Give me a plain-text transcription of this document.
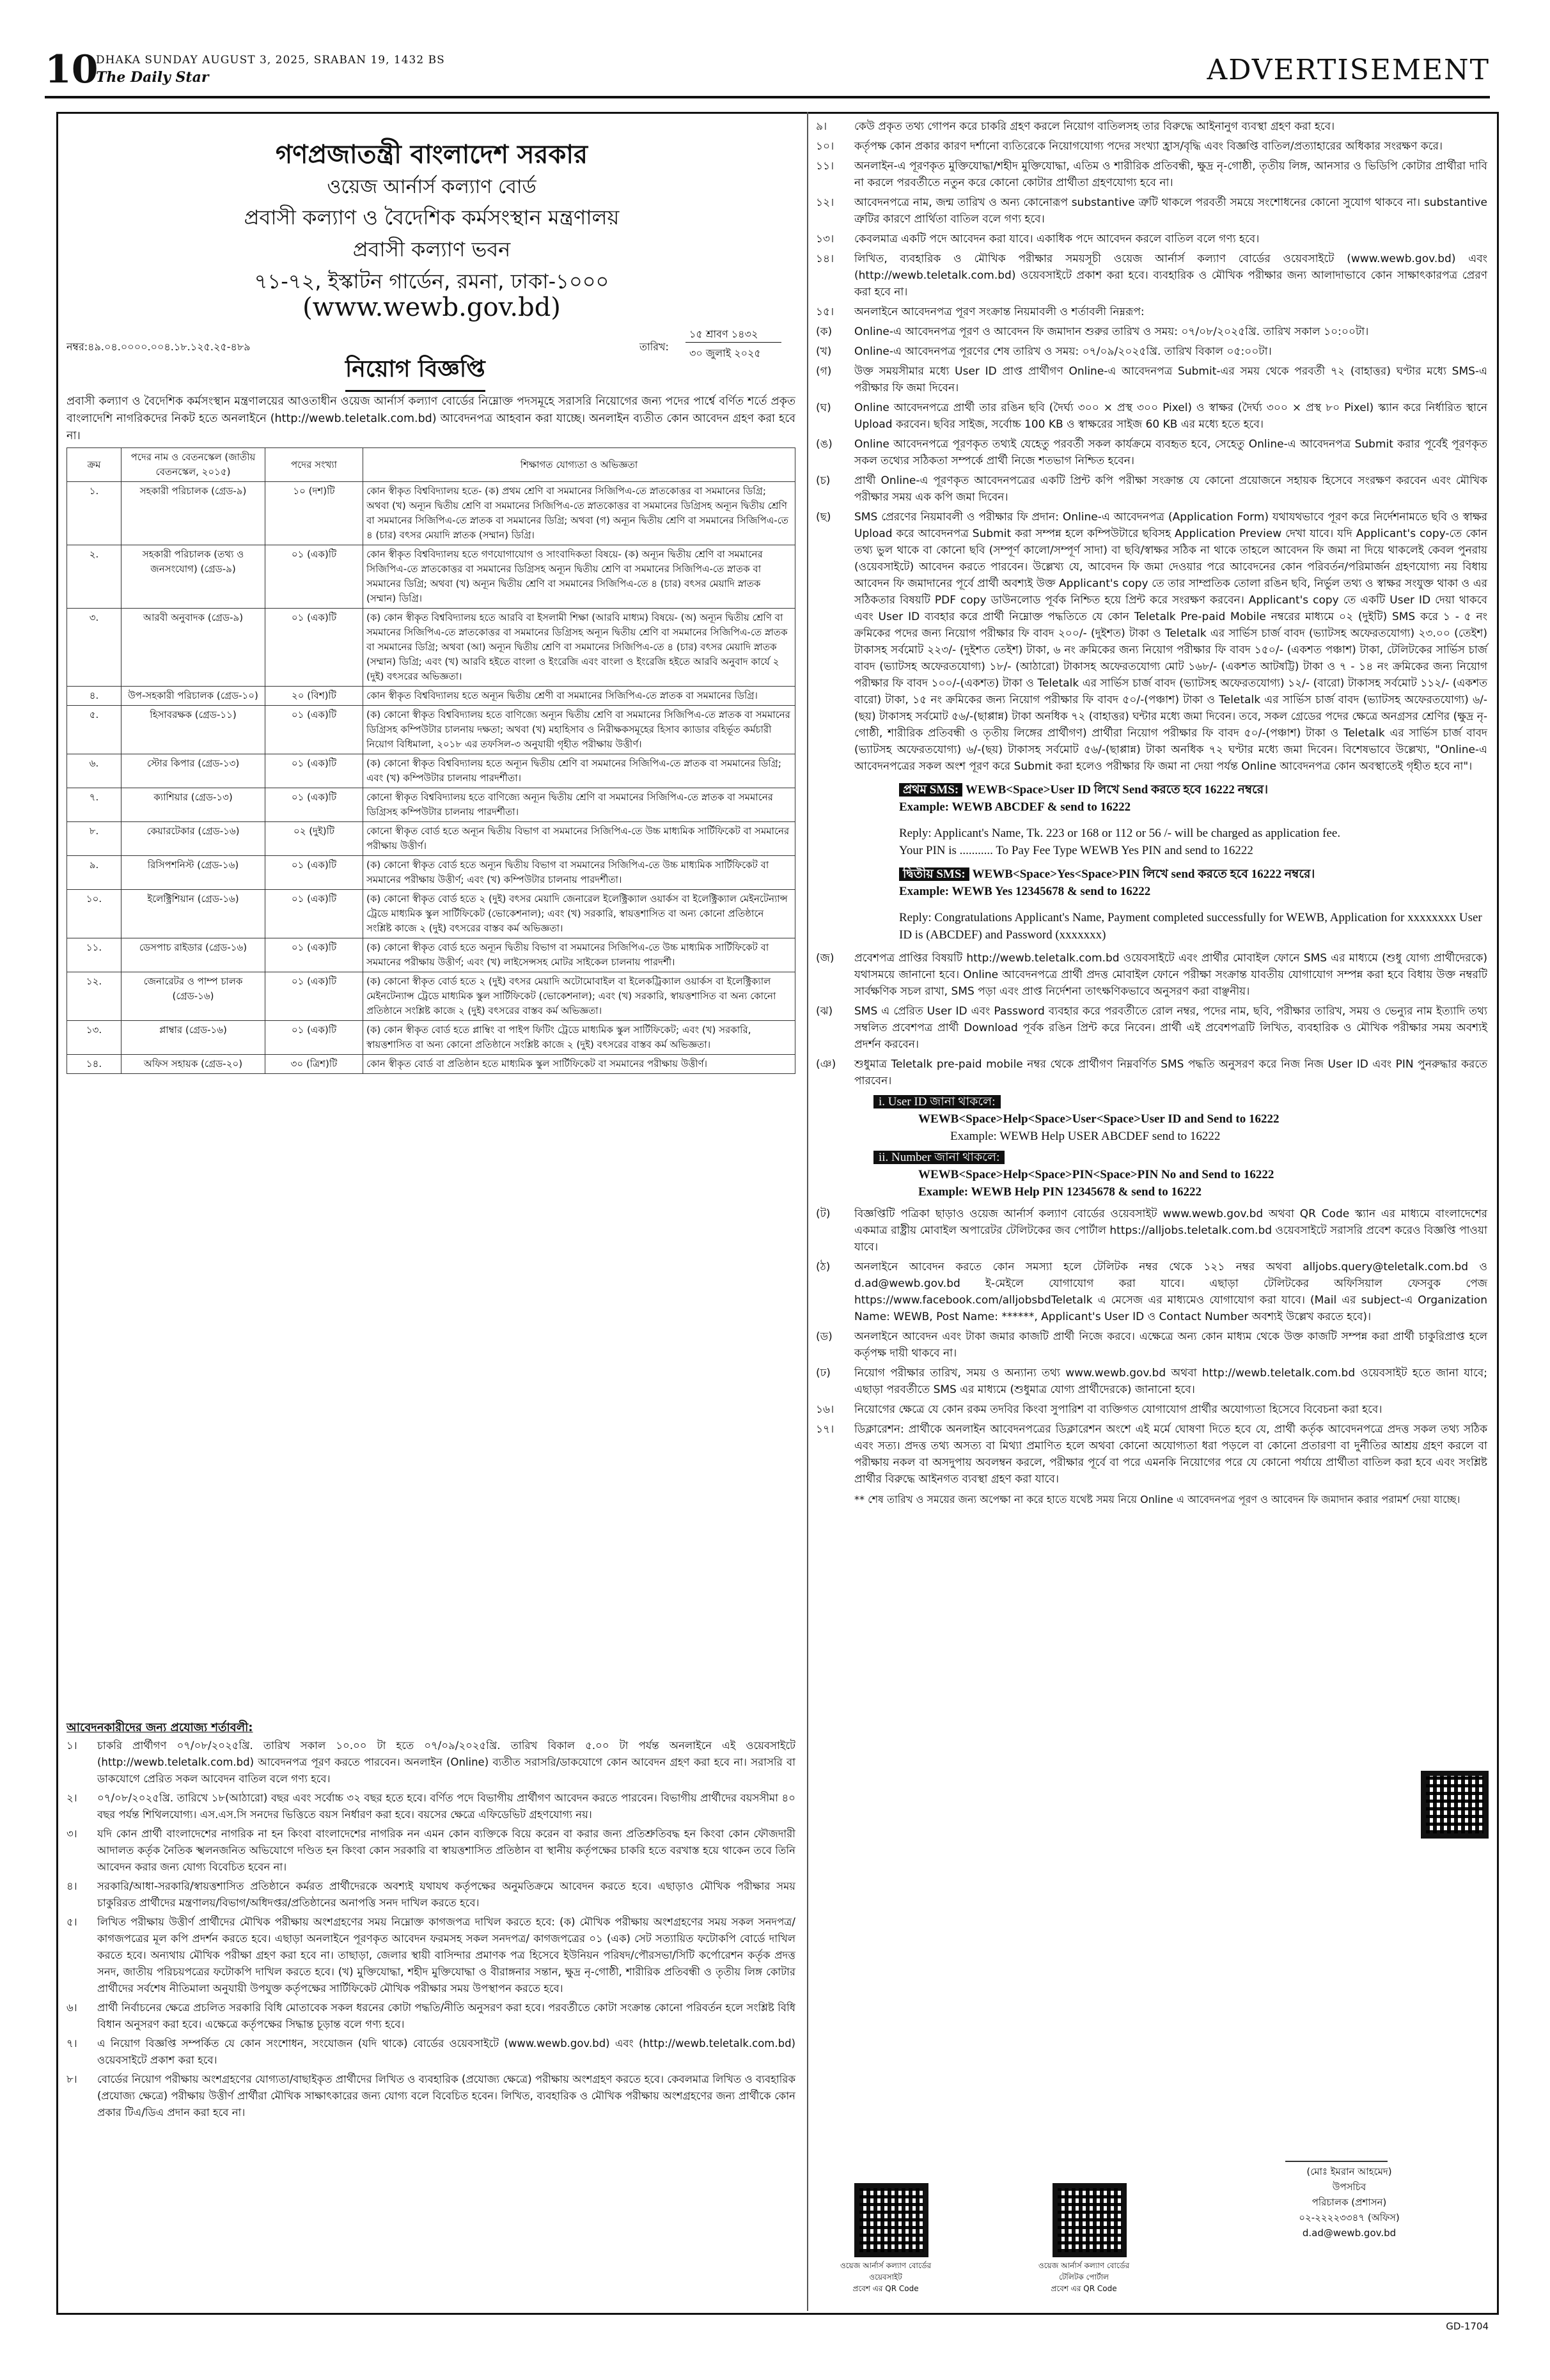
10
DHAKA SUNDAY AUGUST 3, 2025, SRABAN 19, 1432 BS
The Daily Star	ADVERTISEMENT
গণপ্রজাতন্ত্রী বাংলাদেশ সরকার
ওয়েজ আর্নার্স কল্যাণ বোর্ড
প্রবাসী কল্যাণ ও বৈদেশিক কর্মসংস্থান মন্ত্রণালয়
প্রবাসী কল্যাণ ভবন
৭১-৭২, ইস্কাটন গার্ডেন, রমনা, ঢাকা-১০০০
(www.wewb.gov.bd)
নম্বর:৪৯.০৪.০০০০.০০৪.১৮.১২৫.২৫-৪৮৯	তারিখ:
১৫ শ্রাবণ ১৪৩২
৩০ জুলাই ২০২৫
নিয়োগ বিজ্ঞপ্তি
প্রবাসী কল্যাণ ও বৈদেশিক কর্মসংস্থান মন্ত্রণালয়ের আওতাধীন ওয়েজ আর্নার্স কল্যাণ বোর্ডের নিম্নোক্ত পদসমূহে সরাসরি নিয়োগের জন্য পদের পার্শ্বে বর্ণিত শর্তে প্রকৃত বাংলাদেশি নাগরিকদের নিকট হতে অনলাইনে (http://wewb.teletalk.com.bd) আবেদনপত্র আহবান করা যাচ্ছে। অনলাইন ব্যতীত কোন আবেদন গ্রহণ করা হবে না।
ক্রম	পদের নাম ও বেতনস্কেল (জাতীয় বেতনস্কেল, ২০১৫)	পদের সংখ্যা	শিক্ষাগত যোগ্যতা ও অভিজ্ঞতা
১.	সহকারী পরিচালক (গ্রেড-৯)	১০ (দশ)টি	কোন স্বীকৃত বিশ্ববিদ্যালয় হতে- (ক) প্রথম শ্রেণি বা সমমানের সিজিপিএ-তে স্নাতকোত্তর বা সমমানের ডিগ্রি; অথবা (খ) অন্যূন দ্বিতীয় শ্রেণি বা সমমানের সিজিপিএ-তে স্নাতকোত্তর বা সমমানের ডিগ্রিসহ অন্যূন দ্বিতীয় শ্রেণি বা সমমানের সিজিপিএ-তে স্নাতক বা সমমানের ডিগ্রি; অথবা (গ) অন্যূন দ্বিতীয় শ্রেণি বা সমমানের সিজিপিএ-তে ৪ (চার) বৎসর মেয়াদি স্নাতক (সম্মান) ডিগ্রি।
২.	সহকারী পরিচালক (তথ্য ও জনসংযোগ) (গ্রেড-৯)	০১ (এক)টি	কোন স্বীকৃত বিশ্ববিদ্যালয় হতে গণযোগাযোগ ও সাংবাদিকতা বিষয়ে- (ক) অন্যূন দ্বিতীয় শ্রেণি বা সমমানের সিজিপিএ-তে স্নাতকোত্তর বা সমমানের ডিগ্রিসহ অন্যূন দ্বিতীয় শ্রেণি বা সমমানের সিজিপিএ-তে স্নাতক বা সমমানের ডিগ্রি; অথবা (খ) অন্যূন দ্বিতীয় শ্রেণি বা সমমানের সিজিপিএ-তে ৪ (চার) বৎসর মেয়াদি স্নাতক (সম্মান) ডিগ্রি।
৩.	আরবী অনুবাদক (গ্রেড-৯)	০১ (এক)টি	(ক) কোন স্বীকৃত বিশ্ববিদ্যালয় হতে আরবি বা ইসলামী শিক্ষা (আরবি মাধ্যম) বিষয়ে- (অ) অন্যূন দ্বিতীয় শ্রেণি বা সমমানের সিজিপিএ-তে স্নাতকোত্তর বা সমমানের ডিগ্রিসহ অন্যূন দ্বিতীয় শ্রেণি বা সমমানের সিজিপিএ-তে স্নাতক বা সমমানের ডিগ্রি; অথবা (আ) অন্যূন দ্বিতীয় শ্রেণি বা সমমানের সিজিপিএ-তে ৪ (চার) বৎসর মেয়াদি স্নাতক (সম্মান) ডিগ্রি; এবং (খ) আরবি হইতে বাংলা ও ইংরেজি এবং বাংলা ও ইংরেজি হইতে আরবি অনুবাদ কার্যে ২ (দুই) বৎসরের অভিজ্ঞতা।
৪.	উপ-সহকারী পরিচালক (গ্রেড-১০)	২০ (বিশ)টি	কোন স্বীকৃত বিশ্ববিদ্যালয় হতে অন্যূন দ্বিতীয় শ্রেণী বা সমমানের সিজিপিএ-তে স্নাতক বা সমমানের ডিগ্রি।
৫.	হিসাবরক্ষক (গ্রেড-১১)	০১ (এক)টি	(ক) কোনো স্বীকৃত বিশ্ববিদ্যালয় হতে বাণিজ্যে অন্যূন দ্বিতীয় শ্রেণি বা সমমানের সিজিপিএ-তে স্নাতক বা সমমানের ডিগ্রিসহ কম্পিউটার চালনায় দক্ষতা; অথবা (খ) মহাহিসাব ও নিরীক্ষকসমূহের হিসাব ক্যাডার বহির্ভূত কর্মচারী নিয়োগ বিধিমালা, ২০১৮ এর তফসিল-৩ অনুযায়ী গৃহীত পরীক্ষায় উত্তীর্ণ।
৬.	স্টোর কিপার (গ্রেড-১৩)	০১ (এক)টি	(ক) কোনো স্বীকৃত বিশ্ববিদ্যালয় হতে অন্যূন দ্বিতীয় শ্রেণি বা সমমানের সিজিপিএ-তে স্নাতক বা সমমানের ডিগ্রি; এবং (খ) কম্পিউটার চালনায় পারদর্শীতা।
৭.	ক্যাশিয়ার (গ্রেড-১৩)	০১ (এক)টি	কোনো স্বীকৃত বিশ্ববিদ্যালয় হতে বাণিজ্যে অন্যূন দ্বিতীয় শ্রেণি বা সমমানের সিজিপিএ-তে স্নাতক বা সমমানের ডিগ্রিসহ কম্পিউটার চালনায় পারদর্শীতা।
৮.	কেয়ারটেকার (গ্রেড-১৬)	০২ (দুই)টি	কোনো স্বীকৃত বোর্ড হতে অন্যূন দ্বিতীয় বিভাগ বা সমমানের সিজিপিএ-তে উচ্চ মাধ্যমিক সার্টিফিকেট বা সমমানের পরীক্ষায় উত্তীর্ণ।
৯.	রিসিপশনিস্ট (গ্রেড-১৬)	০১ (এক)টি	(ক) কোনো স্বীকৃত বোর্ড হতে অন্যূন দ্বিতীয় বিভাগ বা সমমানের সিজিপিএ-তে উচ্চ মাধ্যমিক সার্টিফিকেট বা সমমানের পরীক্ষায় উত্তীর্ণ; এবং (খ) কম্পিউটার চালনায় পারদর্শীতা।
১০.	ইলেক্ট্রিশিয়ান (গ্রেড-১৬)	০১ (এক)টি	(ক) কোনো স্বীকৃত বোর্ড হতে ২ (দুই) বৎসর মেয়াদি জেনারেল ইলেক্ট্রিক্যাল ওয়ার্কস বা ইলেক্ট্রিক্যাল মেইনটেন্যান্স ট্রেডে মাধ্যমিক স্কুল সার্টিফিকেট (ভোকেশনাল); এবং (খ) সরকারি, স্বায়ত্তশাসিত বা অন্য কোনো প্রতিষ্ঠানে সংশ্লিষ্ট কাজে ২ (দুই) বৎসরের বাস্তব কর্ম অভিজ্ঞতা।
১১.	ডেসপাচ রাইডার (গ্রেড-১৬)	০১ (এক)টি	(ক) কোনো স্বীকৃত বোর্ড হতে অন্যূন দ্বিতীয় বিভাগ বা সমমানের সিজিপিএ-তে উচ্চ মাধ্যমিক সার্টিফিকেট বা সমমানের পরীক্ষায় উত্তীর্ণ; এবং (খ) লাইসেন্সসহ মোটর সাইকেল চালনায় পারদর্শী।
১২.	জেনারেটর ও পাম্প চালক (গ্রেড-১৬)	০১ (এক)টি	(ক) কোনো স্বীকৃত বোর্ড হতে ২ (দুই) বৎসর মেয়াদি অটোমোবাইল বা ইলেকট্রিক্যাল ওয়ার্কস বা ইলেক্ট্রিক্যাল মেইনটেন্যান্স ট্রেডে মাধ্যমিক স্কুল সার্টিফিকেট (ভোকেশনাল); এবং (খ) সরকারি, স্বায়ত্তশাসিত বা অন্য কোনো প্রতিষ্ঠানে সংশ্লিষ্ট কাজে ২ (দুই) বৎসরের বাস্তব কর্ম অভিজ্ঞতা।
১৩.	প্লাম্বার (গ্রেড-১৬)	০১ (এক)টি	(ক) কোন স্বীকৃত বোর্ড হতে প্লাম্বিং বা পাইপ ফিটিং ট্রেডে মাধ্যমিক স্কুল সার্টিফিকেট; এবং (খ) সরকারি, স্বায়ত্তশাসিত বা অন্য কোনো প্রতিষ্ঠানে সংশ্লিষ্ট কাজে ২ (দুই) বৎসরের বাস্তব কর্ম অভিজ্ঞতা।
১৪.	অফিস সহায়ক (গ্রেড-২০)	৩০ (ত্রিশ)টি	কোন স্বীকৃত বোর্ড বা প্রতিষ্ঠান হতে মাধ্যমিক স্কুল সার্টিফিকেট বা সমমানের পরীক্ষায় উত্তীর্ণ।
আবেদনকারীদের জন্য প্রযোজ্য শর্তাবলী:
১।	চাকরি প্রার্থীগণ ০৭/০৮/২০২৫খ্রি. তারিখ সকাল ১০.০০ টা হতে ০৭/০৯/২০২৫খ্রি. তারিখ বিকাল ৫.০০ টা পর্যন্ত অনলাইনে এই ওয়েবসাইটে (http://wewb.teletalk.com.bd) আবেদনপত্র পূরণ করতে পারবেন। অনলাইন (Online) ব্যতীত সরাসরি/ডাকযোগে কোন আবেদন গ্রহণ করা হবে না। সরাসরি বা ডাকযোগে প্রেরিত সকল আবেদন বাতিল বলে গণ্য হবে।
২।	০৭/০৮/২০২৫খ্রি. তারিখে ১৮(আঠারো) বছর এবং সর্বোচ্চ ৩২ বছর হতে হবে। বর্ণিত পদে বিভাগীয় প্রার্থীগণ আবেদন করতে পারবেন। বিভাগীয় প্রার্থীদের বয়সসীমা ৪০ বছর পর্যন্ত শিথিলযোগ্য। এস.এস.সি সনদের ভিত্তিতে বয়স নির্ধারণ করা হবে। বয়সের ক্ষেত্রে এফিডেভিট গ্রহণযোগ্য নয়।
৩।	যদি কোন প্রার্থী বাংলাদেশের নাগরিক না হন কিংবা বাংলাদেশের নাগরিক নন এমন কোন ব্যক্তিকে বিয়ে করেন বা করার জন্য প্রতিশ্রুতিবদ্ধ হন কিংবা কোন ফৌজদারী আদালত কর্তৃক নৈতিক স্খলনজনিত অভিযোগে দণ্ডিত হন কিংবা কোন সরকারি বা স্বায়ত্তশাসিত প্রতিষ্ঠান বা স্থানীয় কর্তৃপক্ষের চাকরি হতে বরখাস্ত হয়ে থাকেন তবে তিনি আবেদন করার জন্য যোগ্য বিবেচিত হবেন না।
৪।	সরকারি/আধা-সরকারি/স্বায়ত্তশাসিত প্রতিষ্ঠানে কর্মরত প্রার্থীদেরকে অবশ্যই যথাযথ কর্তৃপক্ষের অনুমতিক্রমে আবেদন করতে হবে। এছাড়াও মৌখিক পরীক্ষার সময় চাকুরিরত প্রার্থীদের মন্ত্রণালয়/বিভাগ/অধিদপ্তর/প্রতিষ্ঠানের অনাপত্তি সনদ দাখিল করতে হবে।
৫।	লিখিত পরীক্ষায় উত্তীর্ণ প্রার্থীদের মৌখিক পরীক্ষায় অংশগ্রহণের সময় নিম্নোক্ত কাগজপত্র দাখিল করতে হবে: (ক) মৌখিক পরীক্ষায় অংশগ্রহণের সময় সকল সনদপত্র/কাগজপত্রের মূল কপি প্রদর্শন করতে হবে। এছাড়া অনলাইনে পূরণকৃত আবেদন ফরমসহ সকল সনদপত্র/ কাগজপত্রের ০১ (এক) সেট সত্যায়িত ফটোকপি বোর্ডে দাখিল করতে হবে। অন্যথায় মৌখিক পরীক্ষা গ্রহণ করা হবে না। তাছাড়া, জেলার স্থায়ী বাসিন্দার প্রমাণক পত্র হিসেবে ইউনিয়ন পরিষদ/পৌরসভা/সিটি কর্পোরেশন কর্তৃক প্রদত্ত সনদ, জাতীয় পরিচয়পত্রের ফটোকপি দাখিল করতে হবে। (খ) মুক্তিযোদ্ধা, শহীদ মুক্তিযোদ্ধা ও বীরাঙ্গনার সন্তান, ক্ষুদ্র নৃ-গোষ্ঠী, শারীরিক প্রতিবন্ধী ও তৃতীয় লিঙ্গ কোটার প্রার্থীদের সর্বশেষ নীতিমালা অনুযায়ী উপযুক্ত কর্তৃপক্ষের সার্টিফিকেট মৌখিক পরীক্ষার সময় উপস্থাপন করতে হবে।
৬।	প্রার্থী নির্বাচনের ক্ষেত্রে প্রচলিত সরকারি বিধি মোতাবেক সকল ধরনের কোটা পদ্ধতি/নীতি অনুসরণ করা হবে। পরবর্তীতে কোটা সংক্রান্ত কোনো পরিবর্তন হলে সংশ্লিষ্ট বিধি বিধান অনুসরণ করা হবে। এক্ষেত্রে কর্তৃপক্ষের সিদ্ধান্ত চূড়ান্ত বলে গণ্য হবে।
৭।	এ নিয়োগ বিজ্ঞপ্তি সম্পর্কিত যে কোন সংশোধন, সংযোজন (যদি থাকে) বোর্ডের ওয়েবসাইটে (www.wewb.gov.bd) এবং (http://wewb.teletalk.com.bd) ওয়েবসাইটে প্রকাশ করা হবে।
৮।	বোর্ডের নিয়োগ পরীক্ষায় অংশগ্রহণের যোগ্যতা/বাছাইকৃত প্রার্থীদের লিখিত ও ব্যবহারিক (প্রযোজ্য ক্ষেত্রে) পরীক্ষায় অংশগ্রহণ করতে হবে। কেবলমাত্র লিখিত ও ব্যবহারিক (প্রযোজ্য ক্ষেত্রে) পরীক্ষায় উত্তীর্ণ প্রার্থীরা মৌখিক সাক্ষাৎকারের জন্য যোগ্য বলে বিবেচিত হবেন। লিখিত, ব্যবহারিক ও মৌখিক পরীক্ষায় অংশগ্রহণের জন্য প্রার্থীকে কোন প্রকার টিএ/ডিএ প্রদান করা হবে না।
৯।	কেউ প্রকৃত তথ্য গোপন করে চাকরি গ্রহণ করলে নিয়োগ বাতিলসহ তার বিরুদ্ধে আইনানুগ ব্যবস্থা গ্রহণ করা হবে।
১০।	কর্তৃপক্ষ কোন প্রকার কারণ দর্শানো ব্যতিরেকে নিয়োগযোগ্য পদের সংখ্যা হ্রাস/বৃদ্ধি এবং বিজ্ঞপ্তি বাতিল/প্রত্যাহারের অধিকার সংরক্ষণ করে।
১১।	অনলাইন-এ পূরণকৃত মুক্তিযোদ্ধা/শহীদ মুক্তিযোদ্ধা, এতিম ও শারীরিক প্রতিবন্ধী, ক্ষুদ্র নৃ-গোষ্ঠী, তৃতীয় লিঙ্গ, আনসার ও ভিডিপি কোটার প্রার্থীরা দাবি না করলে পরবর্তীতে নতুন করে কোনো কোটার প্রার্থীতা গ্রহণযোগ্য হবে না।
১২।	আবেদনপত্রে নাম, জন্ম তারিখ ও অন্য কোনোরূপ substantive ত্রুটি থাকলে পরবর্তী সময়ে সংশোধনের কোনো সুযোগ থাকবে না। substantive ত্রুটির কারণে প্রার্থিতা বাতিল বলে গণ্য হবে।
১৩।	কেবলমাত্র একটি পদে আবেদন করা যাবে। একাধিক পদে আবেদন করলে বাতিল বলে গণ্য হবে।
১৪।	লিখিত, ব্যবহারিক ও মৌখিক পরীক্ষার সময়সূচী ওয়েজ আর্নার্স কল্যাণ বোর্ডের ওয়েবসাইটে (www.wewb.gov.bd) এবং (http://wewb.teletalk.com.bd) ওয়েবসাইটে প্রকাশ করা হবে। ব্যবহারিক ও মৌখিক পরীক্ষার জন্য আলাদাভাবে কোন সাক্ষাৎকারপত্র প্রেরণ করা হবে না।
১৫।	অনলাইনে আবেদনপত্র পূরণ সংক্রান্ত নিয়মাবলী ও শর্তাবলী নিম্নরূপ:
(ক)	Online-এ আবেদনপত্র পূরণ ও আবেদন ফি জমাদান শুরুর তারিখ ও সময়: ০৭/০৮/২০২৫খ্রি. তারিখ সকাল ১০:০০টা।
(খ)	Online-এ আবেদনপত্র পূরণের শেষ তারিখ ও সময়: ০৭/০৯/২০২৫খ্রি. তারিখ বিকাল ০৫:০০টা।
(গ)	উক্ত সময়সীমার মধ্যে User ID প্রাপ্ত প্রার্থীগণ Online-এ আবেদনপত্র Submit-এর সময় থেকে পরবর্তী ৭২ (বাহাত্তর) ঘণ্টার মধ্যে SMS-এ পরীক্ষার ফি জমা দিবেন।
(ঘ)	Online আবেদনপত্রে প্রার্থী তার রঙিন ছবি (দৈর্ঘ্য ৩০০ × প্রস্থ ৩০০ Pixel) ও স্বাক্ষর (দৈর্ঘ্য ৩০০ × প্রস্থ ৮০ Pixel) স্ক্যান করে নির্ধারিত স্থানে Upload করবেন। ছবির সাইজ, সর্বোচ্চ 100 KB ও স্বাক্ষরের সাইজ 60 KB এর মধ্যে হতে হবে।
(ঙ)	Online আবেদনপত্রে পূরণকৃত তথ্যই যেহেতু পরবর্তী সকল কার্যক্রমে ব্যবহৃত হবে, সেহেতু Online-এ আবেদনপত্র Submit করার পূর্বেই পূরণকৃত সকল তথ্যের সঠিকতা সম্পর্কে প্রার্থী নিজে শতভাগ নিশ্চিত হবেন।
(চ)	প্রার্থী Online-এ পূরণকৃত আবেদনপত্রের একটি প্রিন্ট কপি পরীক্ষা সংক্রান্ত যে কোনো প্রয়োজনে সহায়ক হিসেবে সংরক্ষণ করবেন এবং মৌখিক পরীক্ষার সময় এক কপি জমা দিবেন।
(ছ)	SMS প্রেরণের নিয়মাবলী ও পরীক্ষার ফি প্রদান: Online-এ আবেদনপত্র (Application Form) যথাযথভাবে পূরণ করে নির্দেশনামতে ছবি ও স্বাক্ষর Upload করে আবেদনপত্র Submit করা সম্পন্ন হলে কম্পিউটারে ছবিসহ Application Preview দেখা যাবে। যদি Applicant's copy-তে কোন তথ্য ভুল থাকে বা কোনো ছবি (সম্পূর্ণ কালো/সম্পূর্ণ সাদা) বা ছবি/স্বাক্ষর সঠিক না থাকে তাহলে আবেদন ফি জমা না দিয়ে থাকলেই কেবল পুনরায় (ওয়েবসাইটে) আবেদন করতে পারবেন। উল্লেখ্য যে, আবেদন ফি জমা দেওয়ার পরে আবেদনের কোন পরিবর্তন/পরিমার্জন গ্রহণযোগ্য নয় বিধায় আবেদন ফি জমাদানের পূর্বে প্রার্থী অবশ্যই উক্ত Applicant's copy তে তার সাম্প্রতিক তোলা রঙিন ছবি, নির্ভুল তথ্য ও স্বাক্ষর সংযুক্ত থাকা ও এর সঠিকতার বিষয়টি PDF copy ডাউনলোড পূর্বক নিশ্চিত হয়ে প্রিন্ট করে সংরক্ষণ করবেন। Applicant's copy তে একটি User ID দেয়া থাকবে এবং User ID ব্যবহার করে প্রার্থী নিম্নোক্ত পদ্ধতিতে যে কোন Teletalk Pre-paid Mobile নম্বরের মাধ্যমে ০২ (দুইটি) SMS করে ১ - ৫ নং ক্রমিকের পদের জন্য নিয়োগ পরীক্ষার ফি বাবদ ২০০/- (দুইশত) টাকা ও Teletalk এর সার্ভিস চার্জ বাবদ (ভ্যাটসহ অফেরতযোগ্য) ২৩.০০ (তেইশ) টাকাসহ সর্বমোট ২২৩/- (দুইশত তেইশ) টাকা, ৬ নং ক্রমিকের জন্য নিয়োগ পরীক্ষার ফি বাবদ ১৫০/- (একশত পঞ্চাশ) টাকা, টেলিটকের সার্ভিস চার্জ বাবদ (ভ্যাটসহ অফেরতযোগ্য) ১৮/- (আঠারো) টাকাসহ অফেরতযোগ্য মোট ১৬৮/- (একশত আটষট্টি) টাকা ও ৭ - ১৪ নং ক্রমিকের জন্য নিয়োগ পরীক্ষার ফি বাবদ ১০০/-(একশত) টাকা ও Teletalk এর সার্ভিস চার্জ বাবদ (ভ্যাটসহ অফেরতযোগ্য) ১২/- (বারো) টাকাসহ সর্বমোট ১১২/- (একশত বারো) টাকা, ১৫ নং ক্রমিকের জন্য নিয়োগ পরীক্ষার ফি বাবদ ৫০/-(পঞ্চাশ) টাকা ও Teletalk এর সার্ভিস চার্জ বাবদ (ভ্যাটসহ অফেরতযোগ্য) ৬/-(ছয়) টাকাসহ সর্বমোট ৫৬/-(ছাপ্পান্ন) টাকা অনধিক ৭২ (বাহাত্তর) ঘন্টার মধ্যে জমা দিবেন। তবে, সকল গ্রেডের পদের ক্ষেত্রে অনগ্রসর শ্রেণির (ক্ষুদ্র নৃ-গোষ্ঠী, শারীরিক প্রতিবন্ধী ও তৃতীয় লিঙ্গের প্রার্থীগণ) প্রার্থীরা নিয়োগ পরীক্ষার ফি বাবদ ৫০/-(পঞ্চাশ) টাকা ও Teletalk এর সার্ভিস চার্জ বাবদ (ভ্যাটসহ অফেরতযোগ্য) ৬/-(ছয়) টাকাসহ সর্বমোট ৫৬/-(ছাপ্পান্ন) টাকা অনধিক ৭২ ঘণ্টার মধ্যে জমা দিবেন। বিশেষভাবে উল্লেখ্য, "Online-এ আবেদনপত্রের সকল অংশ পূরণ করে Submit করা হলেও পরীক্ষার ফি জমা না দেয়া পর্যন্ত Online আবেদনপত্র কোন অবস্থাতেই গৃহীত হবে না"।
প্রথম SMS: WEWB<Space>User ID লিখে Send করতে হবে 16222 নম্বরে।
Example: WEWB ABCDEF & send to 16222
Reply: Applicant's Name, Tk. 223 or 168 or 112 or 56 /- will be charged as application fee.
Your PIN is ........... To Pay Fee Type WEWB Yes PIN and send to 16222
দ্বিতীয় SMS: WEWB<Space>Yes<Space>PIN লিখে send করতে হবে 16222 নম্বরে।
Example: WEWB Yes 12345678 & send to 16222
Reply: Congratulations Applicant's Name, Payment completed successfully for WEWB, Application for xxxxxxxx User ID is (ABCDEF) and Password (xxxxxxx)
(জ)	প্রবেশপত্র প্রাপ্তির বিষয়টি http://wewb.teletalk.com.bd ওয়েবসাইটে এবং প্রার্থীর মোবাইল ফোনে SMS এর মাধ্যমে (শুধু যোগ্য প্রার্থীদেরকে) যথাসময়ে জানানো হবে। Online আবেদনপত্রে প্রার্থী প্রদত্ত মোবাইল ফোনে পরীক্ষা সংক্রান্ত যাবতীয় যোগাযোগ সম্পন্ন করা হবে বিধায় উক্ত নম্বরটি সার্বক্ষণিক সচল রাখা, SMS পড়া এবং প্রাপ্ত নির্দেশনা তাৎক্ষণিকভাবে অনুসরণ করা বাঞ্ছনীয়।
(ঝ)	SMS এ প্রেরিত User ID এবং Password ব্যবহার করে পরবর্তীতে রোল নম্বর, পদের নাম, ছবি, পরীক্ষার তারিখ, সময় ও ভেন্যুর নাম ইত্যাদি তথ্য সম্বলিত প্রবেশপত্র প্রার্থী Download পূর্বক রঙিন প্রিন্ট করে নিবেন। প্রার্থী এই প্রবেশপত্রটি লিখিত, ব্যবহারিক ও মৌখিক পরীক্ষার সময় অবশ্যই প্রদর্শন করবেন।
(ঞ)	শুধুমাত্র Teletalk pre-paid mobile নম্বর থেকে প্রার্থীগণ নিম্নবর্ণিত SMS পদ্ধতি অনুসরণ করে নিজ নিজ User ID এবং PIN পুনরুদ্ধার করতে পারবেন।
i. User ID জানা থাকলে:
WEWB<Space>Help<Space>User<Space>User ID and Send to 16222
Example: WEWB Help USER ABCDEF send to 16222
ii. Number জানা থাকলে:
WEWB<Space>Help<Space>PIN<Space>PIN No and Send to 16222
Example: WEWB Help PIN 12345678 & send to 16222
(ট)	বিজ্ঞপ্তিটি পত্রিকা ছাড়াও ওয়েজ আর্নার্স কল্যাণ বোর্ডের ওয়েবসাইট www.wewb.gov.bd অথবা QR Code স্ক্যান এর মাধ্যমে বাংলাদেশের একমাত্র রাষ্ট্রীয় মোবাইল অপারেটর টেলিটকের জব পোর্টাল https://alljobs.teletalk.com.bd ওয়েবসাইটে সরাসরি প্রবেশ করেও বিজ্ঞপ্তি পাওয়া যাবে।
(ঠ)	অনলাইনে আবেদন করতে কোন সমস্যা হলে টেলিটক নম্বর থেকে ১২১ নম্বর অথবা alljobs.query@teletalk.com.bd ও d.ad@wewb.gov.bd ই-মেইলে যোগাযোগ করা যাবে। এছাড়া টেলিটকের অফিসিয়াল ফেসবুক পেজ https://www.facebook.com/alljobsbdTeletalk এ মেসেজ এর মাধ্যমেও যোগাযোগ করা যাবে। (Mail এর subject-এ Organization Name: WEWB, Post Name: ******, Applicant's User ID ও Contact Number অবশ্যই উল্লেখ করতে হবে)।
(ড)	অনলাইনে আবেদন এবং টাকা জমার কাজটি প্রার্থী নিজে করবে। এক্ষেত্রে অন্য কোন মাধ্যম থেকে উক্ত কাজটি সম্পন্ন করা প্রার্থী চাকুরিপ্রাপ্ত হলে কর্তৃপক্ষ দায়ী থাকবে না।
(ঢ)	নিয়োগ পরীক্ষার তারিখ, সময় ও অন্যান্য তথ্য www.wewb.gov.bd অথবা http://wewb.teletalk.com.bd ওয়েবসাইট হতে জানা যাবে; এছাড়া পরবর্তীতে SMS এর মাধ্যমে (শুধুমাত্র যোগ্য প্রার্থীদেরকে) জানানো হবে।
১৬।	নিয়োগের ক্ষেত্রে যে কোন রকম তদবির কিংবা সুপারিশ বা ব্যক্তিগত যোগাযোগ প্রার্থীর অযোগ্যতা হিসেবে বিবেচনা করা হবে।
১৭।	ডিক্লারেশন: প্রার্থীকে অনলাইন আবেদনপত্রের ডিক্লারেশন অংশে এই মর্মে ঘোষণা দিতে হবে যে, প্রার্থী কর্তৃক আবেদনপত্রে প্রদত্ত সকল তথ্য সঠিক এবং সত্য। প্রদত্ত তথ্য অসত্য বা মিথ্যা প্রমাণিত হলে অথবা কোনো অযোগ্যতা ধরা পড়লে বা কোনো প্রতারণা বা দুর্নীতির আশ্রয় গ্রহণ করলে বা পরীক্ষায় নকল বা অসদুপায় অবলম্বন করলে, পরীক্ষার পূর্বে বা পরে এমনকি নিয়োগের পরে যে কোনো পর্যায়ে প্রার্থীতা বাতিল করা হবে এবং সংশ্লিষ্ট প্রার্থীর বিরুদ্ধে আইনগত ব্যবস্থা গ্রহণ করা যাবে।
** শেষ তারিখ ও সময়ের জন্য অপেক্ষা না করে হাতে যথেষ্ট সময় নিয়ে Online এ আবেদনপত্র পূরণ ও আবেদন ফি জমাদান করার পরামর্শ দেয়া যাচ্ছে।
(মোঃ ইমরান আহমেদ)
উপসচিব
পরিচালক (প্রশাসন)
০২-২২২২৩৩৪৭ (অফিস)
d.ad@wewb.gov.bd
ওয়েজ আর্নার্স কল্যাণ বোর্ডের
ওয়েবসাইট
প্রবেশ এর QR Code
ওয়েজ আর্নার্স কল্যাণ বোর্ডের
টেলিটক পোর্টাল
প্রবেশ এর QR Code
GD-1704
